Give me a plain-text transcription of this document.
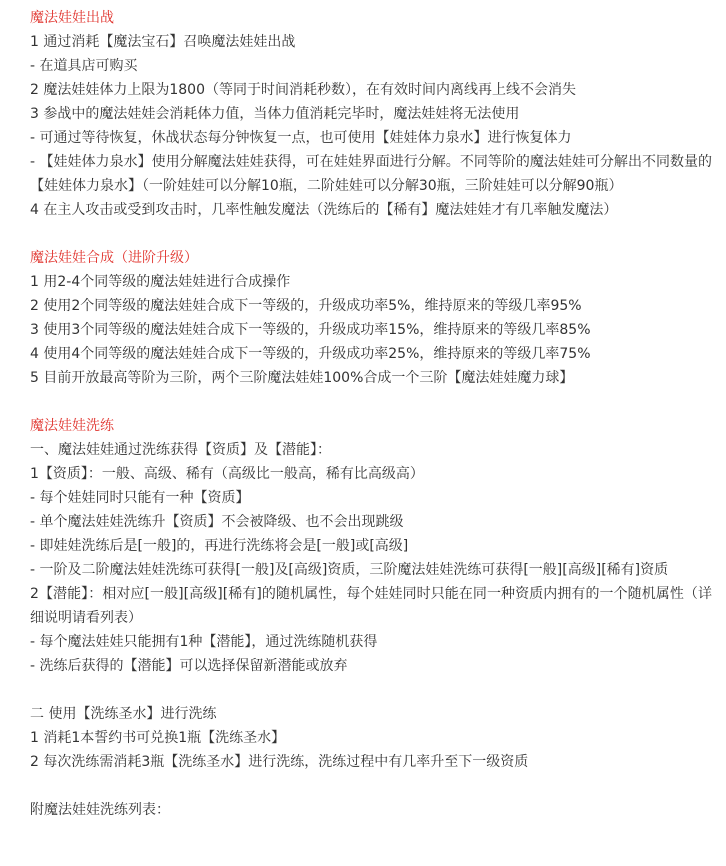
魔法娃娃出战

1 通过消耗【魔法宝石】召唤魔法娃娃出战

- 在道具店可购买

2 魔法娃娃体力上限为1800（等同于时间消耗秒数），在有效时间内离线再上线不会消失

3 参战中的魔法娃娃会消耗体力值，当体力值消耗完毕时，魔法娃娃将无法使用

- 可通过等待恢复，休战状态每分钟恢复一点，也可使用【娃娃体力泉水】进行恢复体力

- 【娃娃体力泉水】使用分解魔法娃娃获得，可在娃娃界面进行分解。不同等阶的魔法娃娃可分解出不同数量的【娃娃体力泉水】（一阶娃娃可以分解10瓶，二阶娃娃可以分解30瓶，三阶娃娃可以分解90瓶）

4 在主人攻击或受到攻击时，几率性触发魔法（洗练后的【稀有】魔法娃娃才有几率触发魔法）

魔法娃娃合成（进阶升级）

1 用2-4个同等级的魔法娃娃进行合成操作

2 使用2个同等级的魔法娃娃合成下一等级的，升级成功率5%，维持原来的等级几率95%

3 使用3个同等级的魔法娃娃合成下一等级的，升级成功率15%，维持原来的等级几率85%

4 使用4个同等级的魔法娃娃合成下一等级的，升级成功率25%，维持原来的等级几率75%

5 目前开放最高等阶为三阶，两个三阶魔法娃娃100%合成一个三阶【魔法娃娃魔力球】

魔法娃娃洗练

一、魔法娃娃通过洗练获得【资质】及【潜能】：

1【资质】：一般、高级、稀有（高级比一般高，稀有比高级高）

- 每个娃娃同时只能有一种【资质】

- 单个魔法娃娃洗练升【资质】不会被降级、也不会出现跳级

- 即娃娃洗练后是[一般]的，再进行洗练将会是[一般]或[高级]

- 一阶及二阶魔法娃娃洗练可获得[一般]及[高级]资质，三阶魔法娃娃洗练可获得[一般][高级][稀有]资质

2【潜能】：相对应[一般][高级][稀有]的随机属性，每个娃娃同时只能在同一种资质内拥有的一个随机属性（详细说明请看列表）

- 每个魔法娃娃只能拥有1种【潜能】，通过洗练随机获得

- 洗练后获得的【潜能】可以选择保留新潜能或放弃

二 使用【洗练圣水】进行洗练

1 消耗1本誓约书可兑换1瓶【洗练圣水】

2 每次洗练需消耗3瓶【洗练圣水】进行洗练，洗练过程中有几率升至下一级资质

附魔法娃娃洗练列表：
